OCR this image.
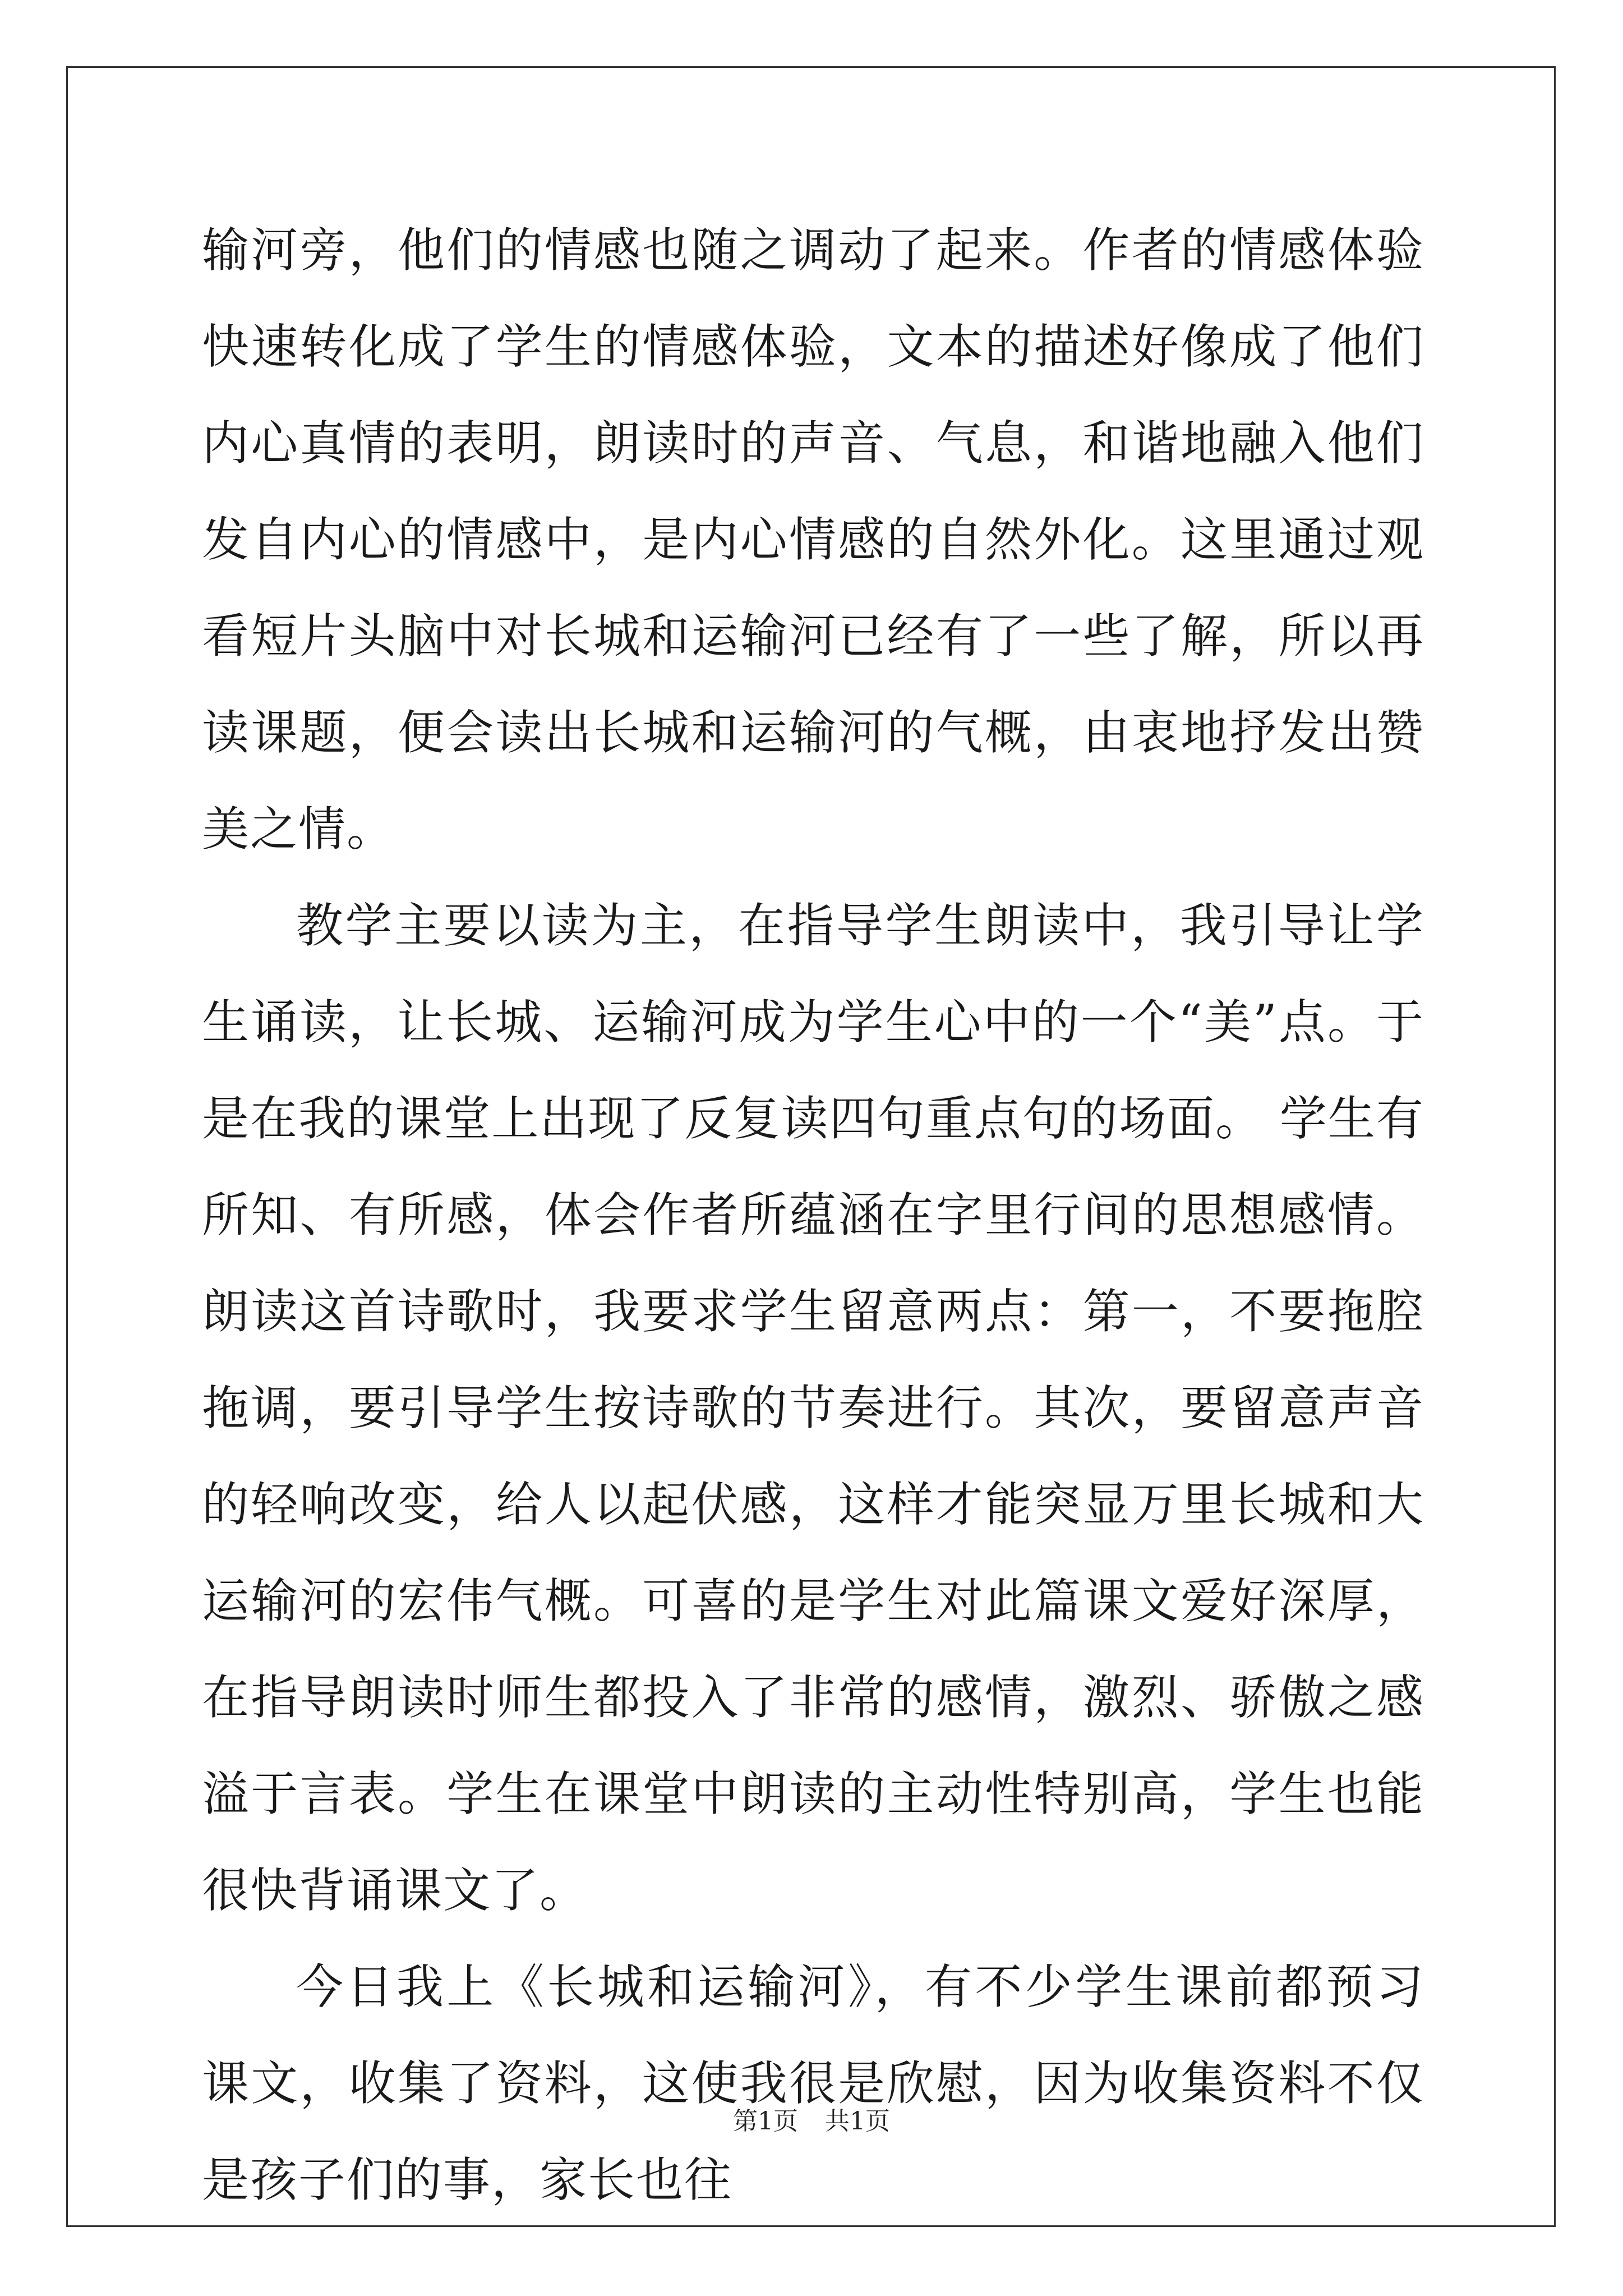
输河旁，他们的情感也随之调动了起来。作者的情感体验快速转化成了学生的情感体验，文本的描述好像成了他们内心真情的表明，朗读时的声音、气息，和谐地融入他们发自内心的情感中，是内心情感的自然外化。这里通过观看短片头脑中对长城和运输河已经有了一些了解，所以再读课题，便会读出长城和运输河的气概，由衷地抒发出赞美之情。

教学主要以读为主，在指导学生朗读中，我引导让学生诵读，让长城、运输河成为学生心中的一个“美”点。于是在我的课堂上出现了反复读四句重点句的场面。 学生有所知、有所感，体会作者所蕴涵在字里行间的思想感情。朗读这首诗歌时，我要求学生留意两点：第一，不要拖腔拖调，要引导学生按诗歌的节奏进行。其次，要留意声音的轻响改变，给人以起伏感，这样才能突显万里长城和大运输河的宏伟气概。可喜的是学生对此篇课文爱好深厚，在指导朗读时师生都投入了非常的感情，激烈、骄傲之感溢于言表。学生在课堂中朗读的主动性特别高，学生也能很快背诵课文了。

今日我上《长城和运输河》，有不少学生课前都预习课文，收集了资料，这使我很是欣慰，因为收集资料不仅是孩子们的事，家长也往

第1页 共1页
